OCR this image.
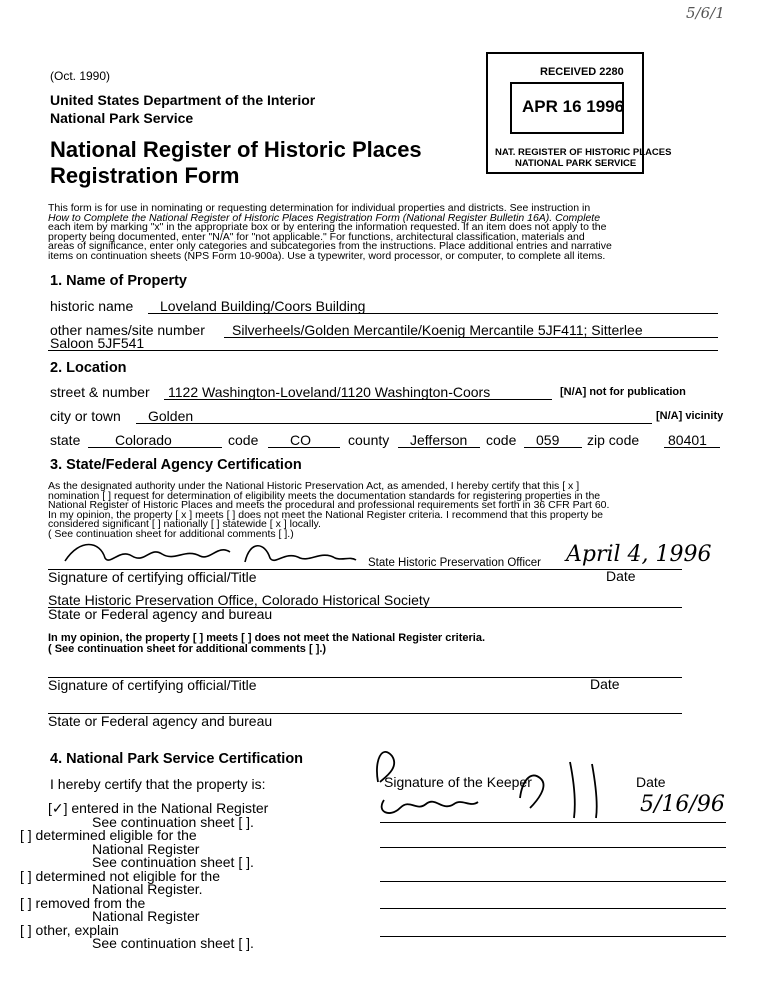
5/6/1
(Oct. 1990)
United States Department of the Interior
National Park Service
National Register of Historic Places
Registration Form
RECEIVED 2280
APR 16 1996
NAT. REGISTER OF HISTORIC PLACES
NATIONAL PARK SERVICE
This form is for use in nominating or requesting determination for individual properties and districts. See instruction in
How to Complete the National Register of Historic Places Registration Form (National Register Bulletin 16A). Complete
each item by marking "x" in the appropriate box or by entering the information requested. If an item does not apply to the
property being documented, enter "N/A" for "not applicable." For functions, architectural classification, materials and
areas of significance, enter only categories and subcategories from the instructions. Place additional entries and narrative
items on continuation sheets (NPS Form 10-900a). Use a typewriter, word processor, or computer, to complete all items.
1. Name of Property
historic name Loveland Building/Coors Building
other names/site number Silverheels/Golden Mercantile/Koenig Mercantile 5JF411; Sitterlee
Saloon 5JF541
2. Location
street & number 1122 Washington-Loveland/1120 Washington-Coors	[N/A] not for publication
city or town Golden	[N/A] vicinity
state Colorado	code CO	county Jefferson code 059 zip code 80401
3. State/Federal Agency Certification
As the designated authority under the National Historic Preservation Act, as amended, I hereby certify that this [ x ]
nomination [ ] request for determination of eligibility meets the documentation standards for registering properties in the
National Register of Historic Places and meets the procedural and professional requirements set forth in 36 CFR Part 60.
In my opinion, the property [ x ] meets [ ] does not meet the National Register criteria. I recommend that this property be
considered significant [ ] nationally [ ] statewide [ x ] locally.
( See continuation sheet for additional comments [ ].)
State Historic Preservation Officer April 4, 1996
Signature of certifying official/Title	Date
State Historic Preservation Office, Colorado Historical Society
State or Federal agency and bureau
In my opinion, the property [ ] meets [ ] does not meet the National Register criteria.
( See continuation sheet for additional comments [ ].)
Signature of certifying official/Title	Date
State or Federal agency and bureau
4. National Park Service Certification
I hereby certify that the property is:
[✓] entered in the National Register
See continuation sheet [ ].
[ ] determined eligible for the
National Register
See continuation sheet [ ].
[ ] determined not eligible for the
National Register.
[ ] removed from the
National Register
[ ] other, explain
See continuation sheet [ ].
Signature of the Keeper	Date
5/16/96
